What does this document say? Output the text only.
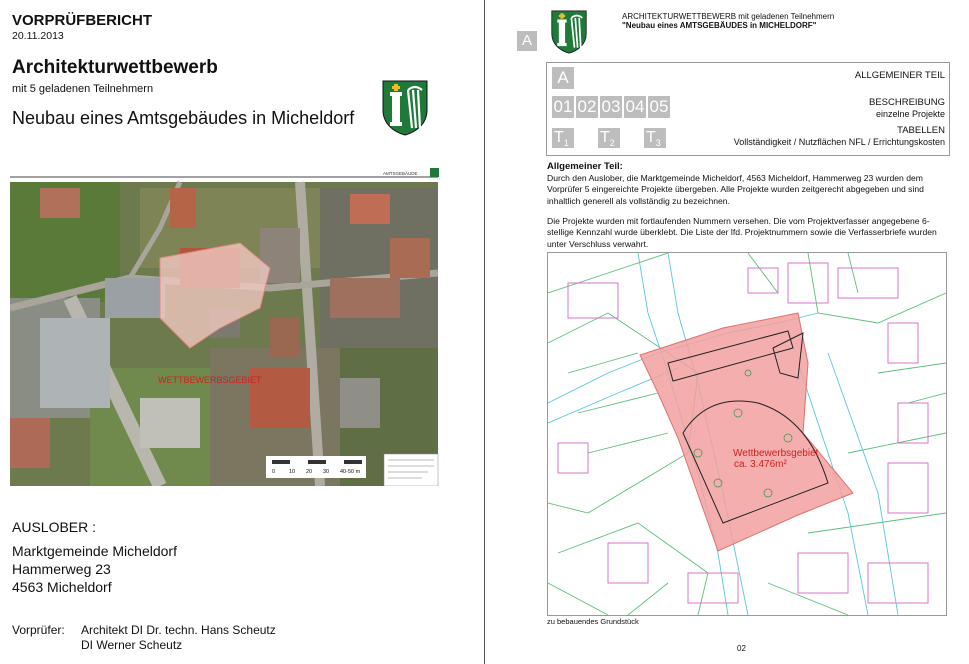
VORPRÜFBERICHT
20.11.2013
Architekturwettbewerb
mit 5 geladenen Teilnehmern
Neubau eines Amtsgebäudes in Micheldorf
AMTSGEBÄUDE
WETTBEWERBSGEBIET
0	10 20 30 40-50 m
AUSLOBER :
Marktgemeinde Micheldorf
Hammerweg 23
4563 Micheldorf
Vorprüfer: Architekt DI Dr. techn. Hans Scheutz
DI Werner Scheutz
A
ARCHITEKTURWETTBEWERB mit geladenen Teilnehmern
"Neubau eines AMTSGEBÄUDES in MICHELDORF"
A	ALLGEMEINER TEIL
01 02 03 04 05	BESCHREIBUNG
einzelne Projekte
$T_1$	$T_2$	$T_3$
TABELLEN
Vollständigkeit / Nutzflächen NFL / Errichtungskosten
Allgemeiner Teil:

Durch den Auslober, die Marktgemeinde Micheldorf, 4563 Micheldorf, Hammerweg 23 wurden dem Vorprüfer 5 eingereichte Projekte übergeben. Alle Projekte wurden zeitgerecht abgegeben und sind inhaltlich generell als vollständig zu bezeichnen.

Die Projekte wurden mit fortlaufenden Nummern versehen. Die vom Projektverfasser angegebene 6-stellige Kennzahl wurde überklebt. Die Liste der lfd. Projektnummern sowie die Verfasserbriefe wurden unter Verschluss verwahrt.

Wettbewerbsgebiet
ca. 3.476m²
zu bebauendes Grundstück
02
